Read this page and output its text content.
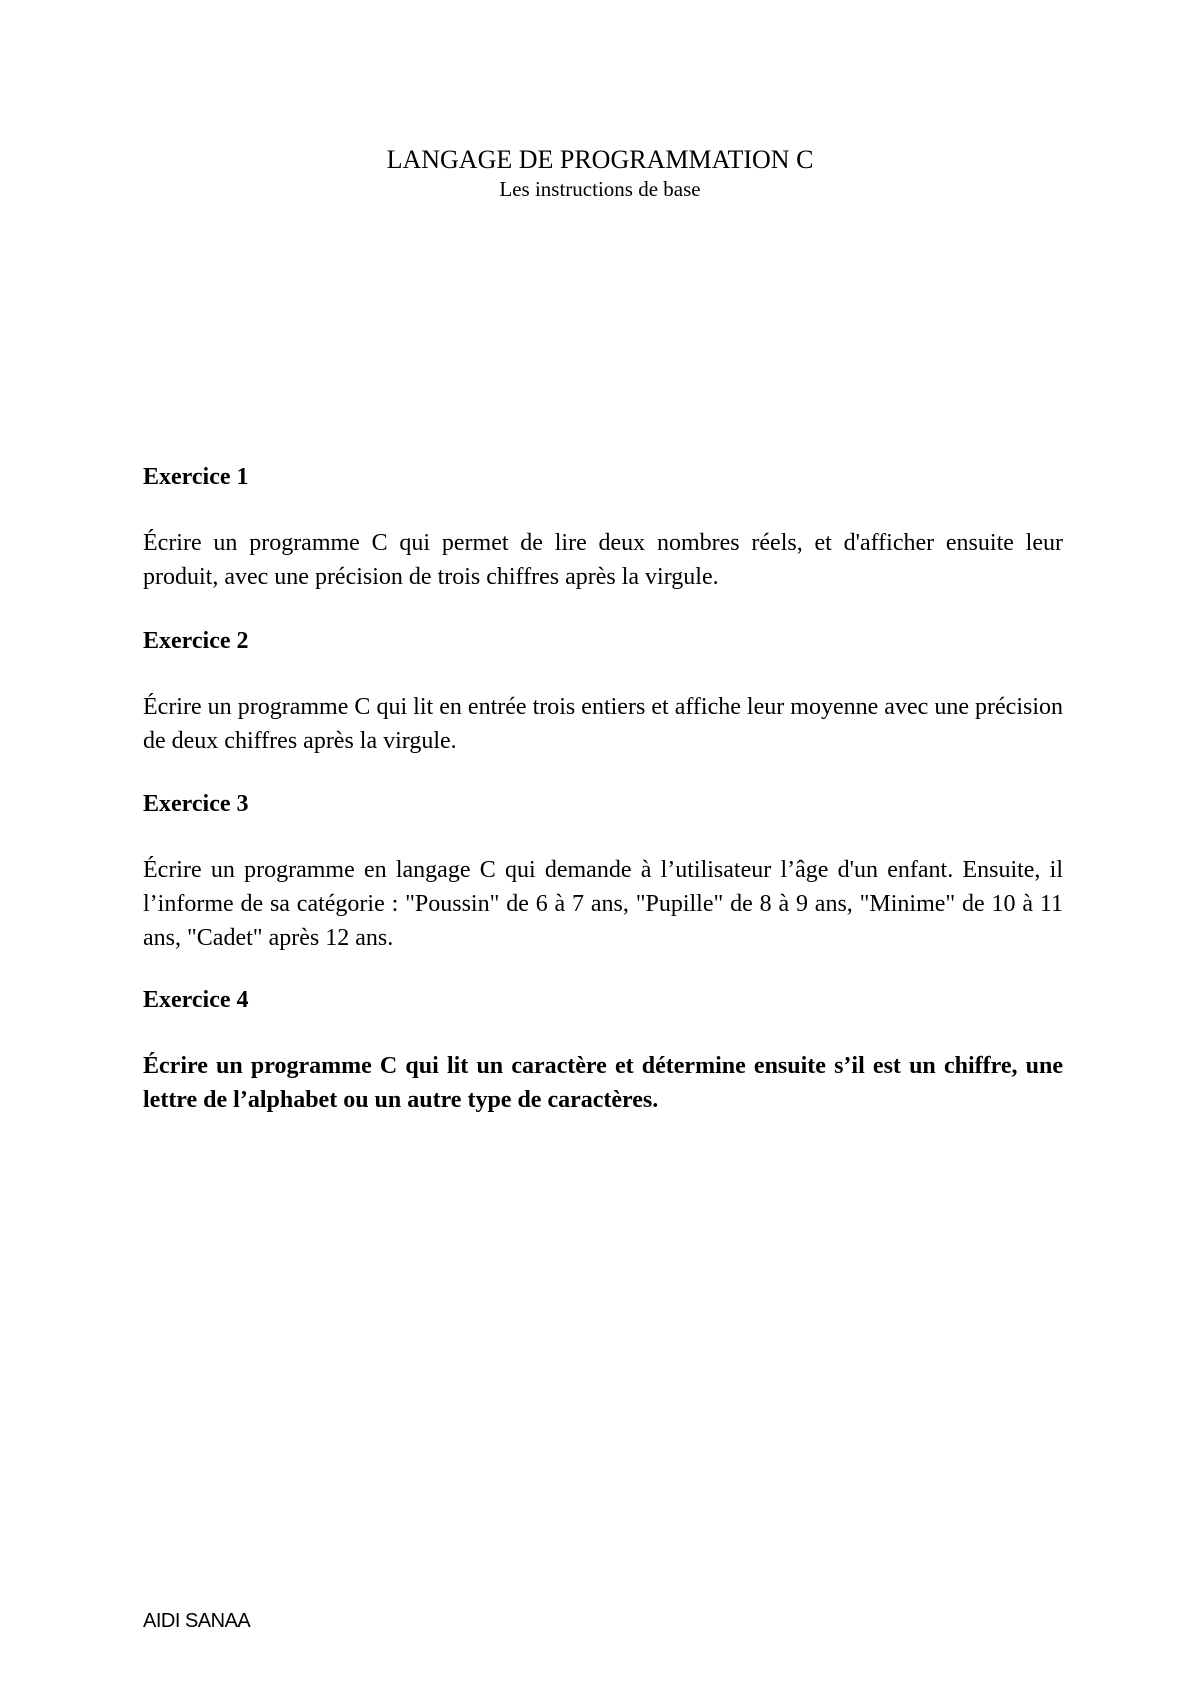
LANGAGE DE PROGRAMMATION C
Les instructions de base
Exercice 1

Écrire un programme C qui permet de lire deux nombres réels, et d'afficher ensuite leur produit, avec une précision de trois chiffres après la virgule.

Exercice 2

Écrire un programme C qui lit en entrée trois entiers et affiche leur moyenne avec une précision de deux chiffres après la virgule.

Exercice 3

Écrire un programme en langage C qui demande à l’utilisateur l’âge d'un enfant. Ensuite, il l’informe de sa catégorie : "Poussin" de 6 à 7 ans, "Pupille" de 8 à 9 ans, "Minime" de 10 à 11 ans, "Cadet" après 12 ans.

Exercice 4

Écrire un programme C qui lit un caractère et détermine ensuite s’il est un chiffre, une lettre de l’alphabet ou un autre type de caractères.

AIDI SANAA
